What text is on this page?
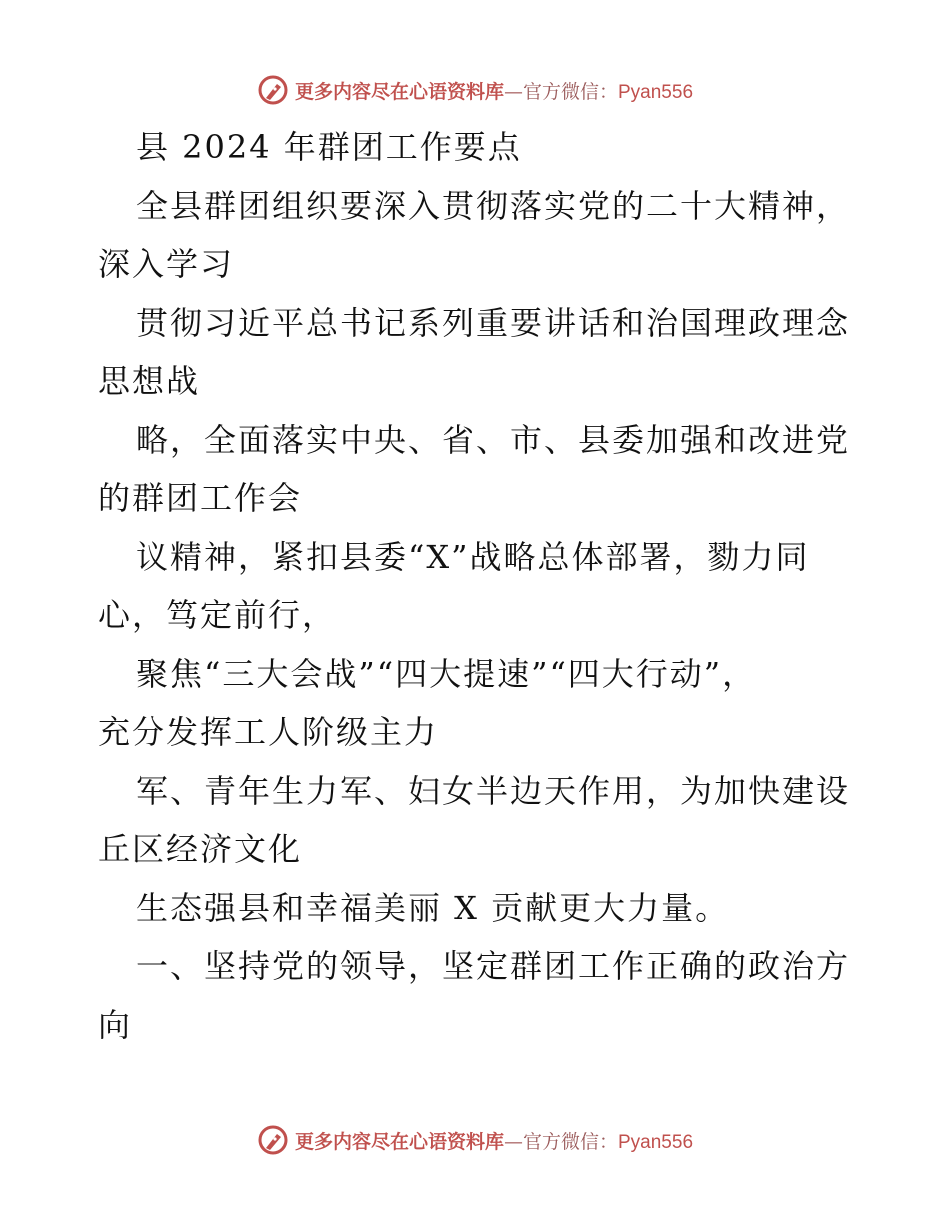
更多内容尽在心语资料库—官方微信：Pyan556
县 2024 年群团工作要点
全县群团组织要深入贯彻落实党的二十大精神，
深入学习
贯彻习近平总书记系列重要讲话和治国理政理念
思想战
略，全面落实中央、省、市、县委加强和改进党
的群团工作会
议精神，紧扣县委“X”战略总体部署，勠力同
心，笃定前行，
聚焦“三大会战”“四大提速”“四大行动”，
充分发挥工人阶级主力
军、青年生力军、妇女半边天作用，为加快建设
丘区经济文化
生态强县和幸福美丽 X 贡献更大力量。
一、坚持党的领导，坚定群团工作正确的政治方
向
更多内容尽在心语资料库—官方微信：Pyan556
